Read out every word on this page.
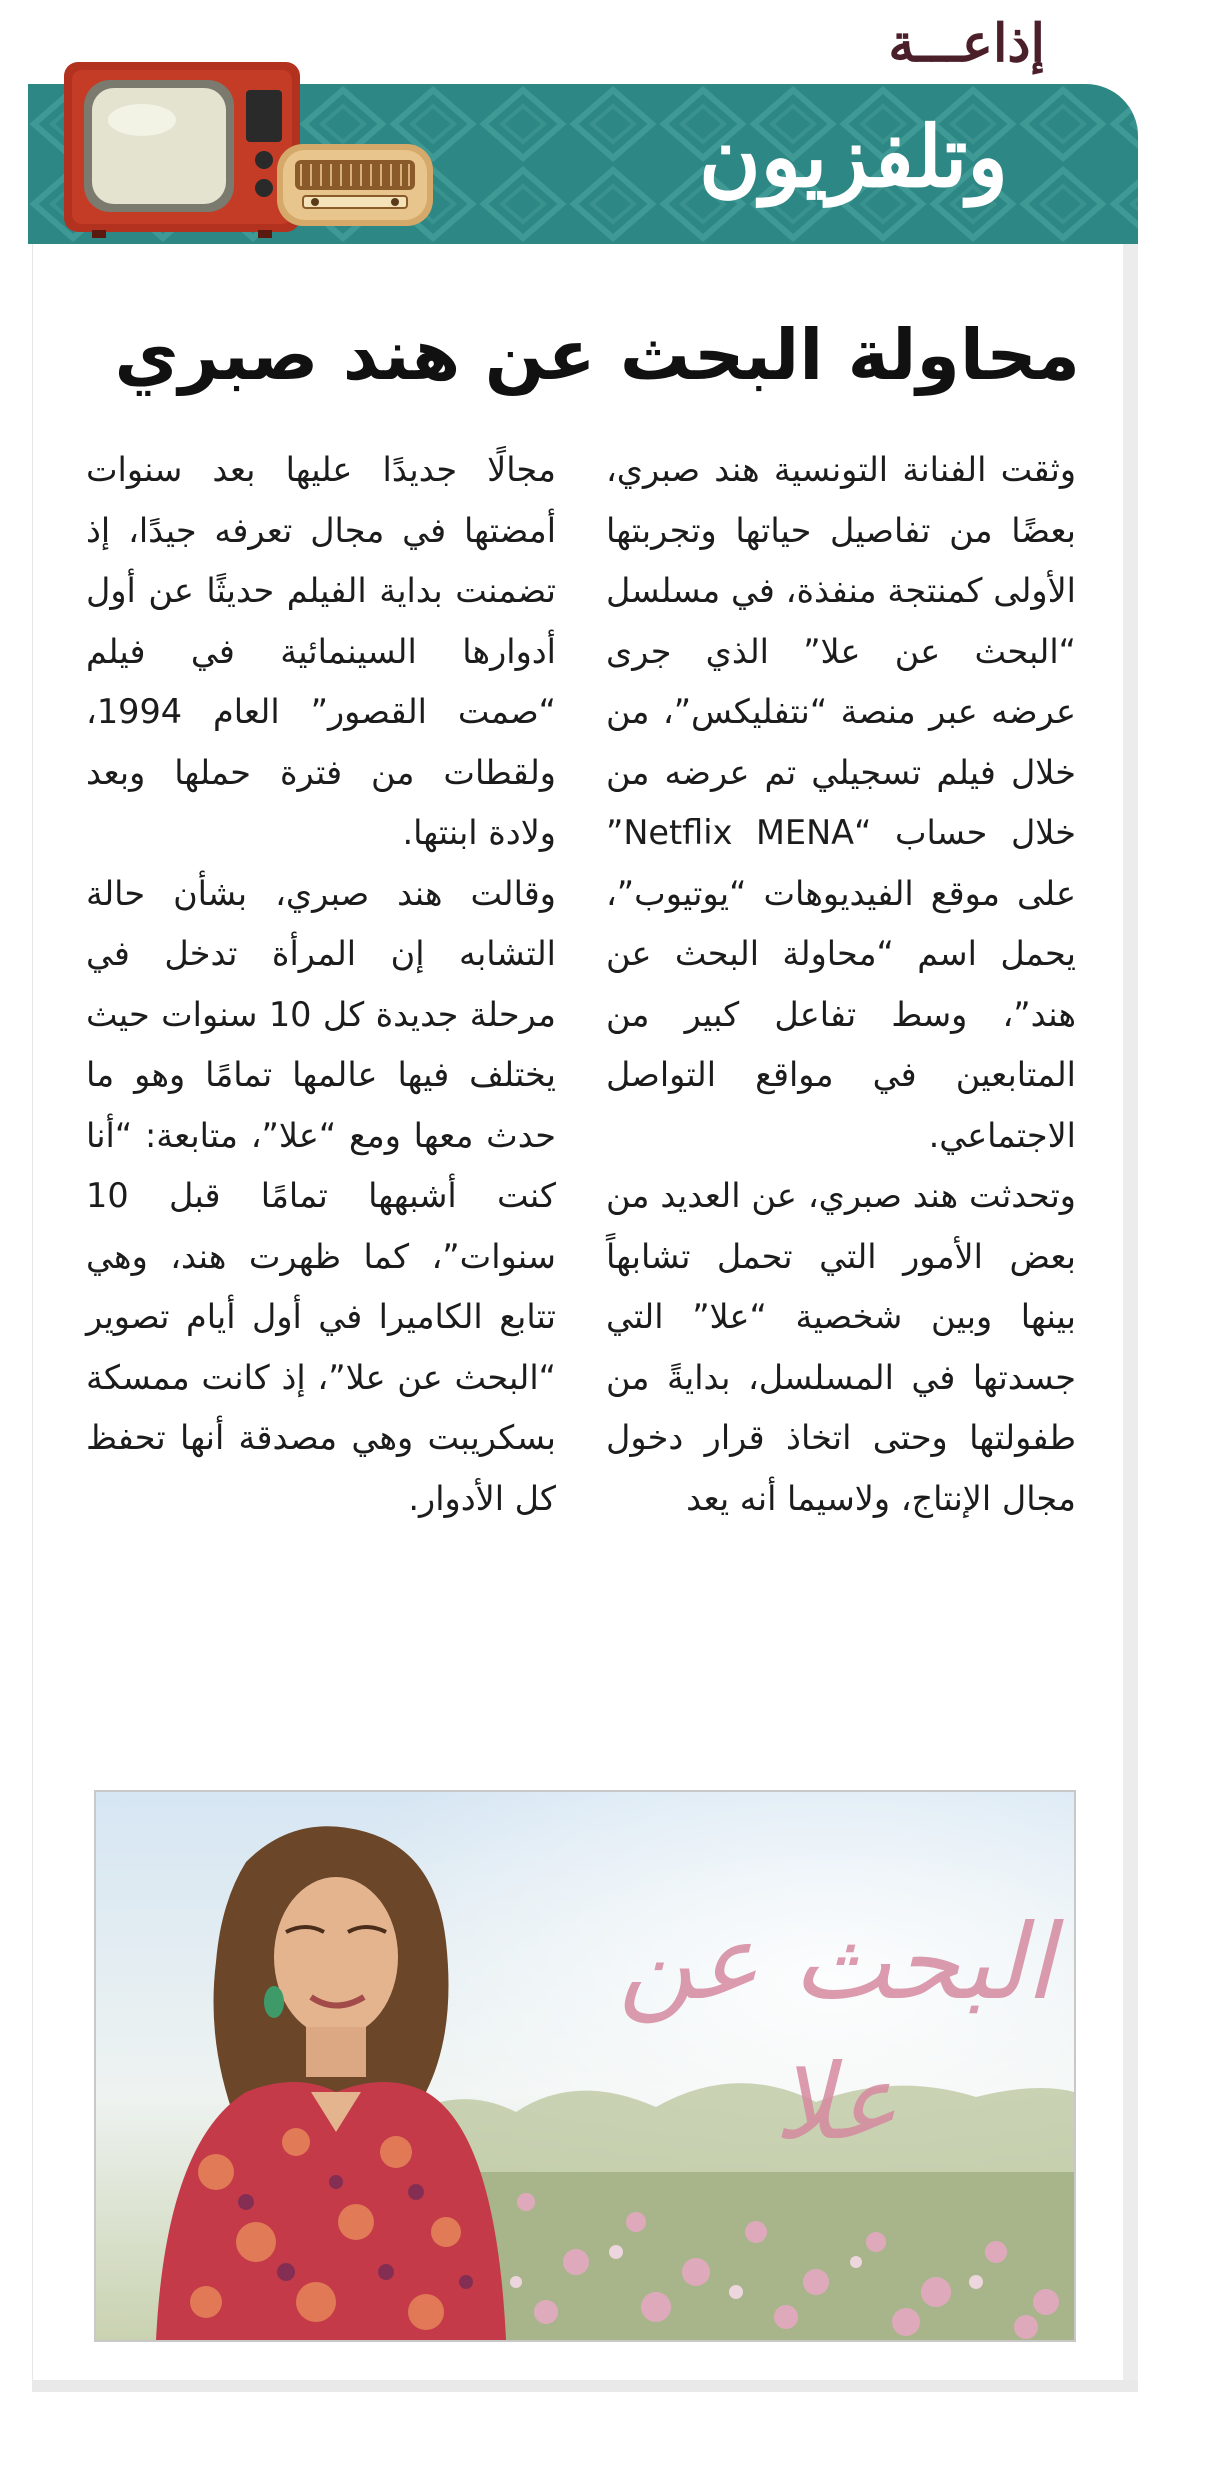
إذاعـــة
وتلفزيون
محاولة البحث عن هند صبري

وثقت الفنانة التونسية هند صبري، بعضًا من تفاصيل حياتها وتجربتها الأولى كمنتجة منفذة، في مسلسل “البحث عن علا” الذي جرى عرضه عبر منصة “نتفليكس”، من خلال فيلم تسجيلي تم عرضه من خلال حساب “Netflix MENA” على موقع الفيديوهات “يوتيوب”، يحمل اسم “محاولة البحث عن هند”، وسط تفاعل كبير من المتابعين في مواقع التواصل الاجتماعي.

وتحدثت هند صبري، عن العديد من بعض الأمور التي تحمل تشابهاً بينها وبين شخصية “علا” التي جسدتها في المسلسل، بدايةً من طفولتها وحتى اتخاذ قرار دخول مجال الإنتاج، ولاسيما أنه يعد

مجالًا جديدًا عليها بعد سنوات أمضتها في مجال تعرفه جيدًا، إذ تضمنت بداية الفيلم حديثًا عن أول أدوارها السينمائية في فيلم “صمت القصور” العام 1994، ولقطات من فترة حملها وبعد ولادة ابنتها.

وقالت هند صبري، بشأن حالة التشابه إن المرأة تدخل في مرحلة جديدة كل 10 سنوات حيث يختلف فيها عالمها تمامًا وهو ما حدث معها ومع “علا”، متابعة: “أنا كنت أشبهها تمامًا قبل 10 سنوات”، كما ظهرت هند، وهي تتابع الكاميرا في أول أيام تصوير “البحث عن علا”، إذ كانت ممسكة بسكريبت وهي مصدقة أنها تحفظ كل الأدوار.

البحث عن علا
